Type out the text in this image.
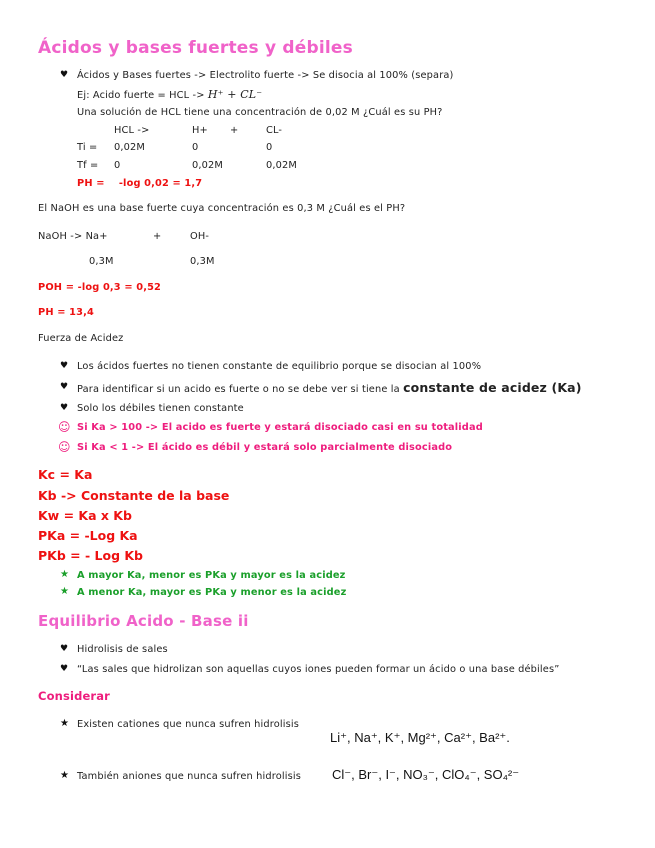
Ácidos y bases fuertes y débiles
♥ Ácidos y Bases fuertes -> Electrolito fuerte -> Se disocia al 100% (separa)
Ej: Acido fuerte = HCL -> H⁺ + CL⁻
Una solución de HCL tiene una concentración de 0,02 M ¿Cuál es su PH?
HCL ->	H+ +	CL-
Ti = 0,02M	0	0
Tf = 0	0,02M	0,02M
PH =    -log 0,02 = 1,7
El NaOH es una base fuerte cuya concentración es 0,3 M ¿Cuál es el PH?
NaOH -> Na+	+	OH-
0,3M	0,3M
POH = -log 0,3 = 0,52
PH = 13,4
Fuerza de Acidez
♥ Los ácidos fuertes no tienen constante de equilibrio porque se disocian al 100%
♥ Para identificar si un acido es fuerte o no se debe ver si tiene la constante de acidez (Ka)
♥ Solo los débiles tienen constante
☺ Si Ka > 100 -> El acido es fuerte y estará disociado casi en su totalidad
☺ Si Ka < 1 -> El ácido es débil y estará solo parcialmente disociado
Kc = Ka
Kb -> Constante de la base
Kw = Ka x Kb
PKa = -Log Ka
PKb = - Log Kb
★ A mayor Ka, menor es PKa y mayor es la acidez
★ A menor Ka, mayor es PKa y menor es la acidez
Equilibrio Acido - Base ii
♥ Hidrolisis de sales
♥ “Las sales que hidrolizan son aquellas cuyos iones pueden formar un ácido o una base débiles”
Considerar
★ Existen cationes que nunca sufren hidrolisis
Li⁺, Na⁺, K⁺, Mg²⁺, Ca²⁺, Ba²⁺.
★ También aniones que nunca sufren hidrolisis Cl⁻, Br⁻, I⁻, NO₃⁻, ClO₄⁻, SO₄²⁻
